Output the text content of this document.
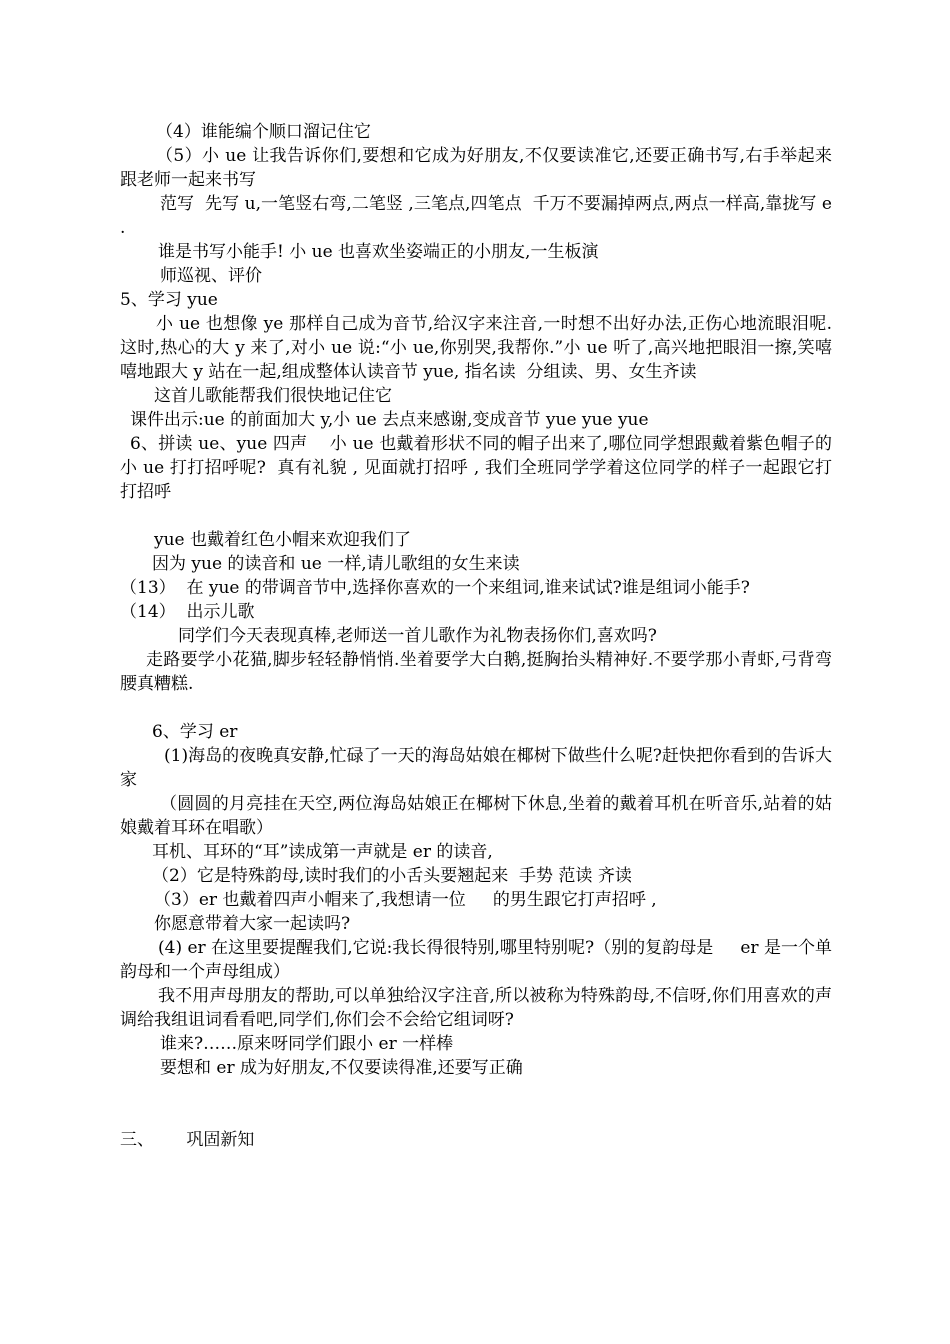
（4）谁能编个顺口溜记住它

（5）小 ue 让我告诉你们,要想和它成为好朋友,不仅要读准它,还要正确书写,右手举起来跟老师一起来书写

范写  先写 u,一笔竖右弯,二笔竖 ,三笔点,四笔点  千万不要漏掉两点,两点一样高,靠拢写 e .

谁是书写小能手! 小 ue 也喜欢坐姿端正的小朋友,一生板演

师巡视、评价

5、学习 yue

小 ue 也想像 ye 那样自己成为音节,给汉字来注音,一时想不出好办法,正伤心地流眼泪呢.这时,热心的大 y 来了,对小 ue 说:“小 ue,你别哭,我帮你.”小 ue 听了,高兴地把眼泪一擦,笑嘻嘻地跟大 y 站在一起,组成整体认读音节 yue, 指名读  分组读、男、女生齐读

这首儿歌能帮我们很快地记住它

课件出示:ue 的前面加大 y,小 ue 去点来感谢,变成音节 yue yue yue

6、拼读 ue、yue 四声    小 ue 也戴着形状不同的帽子出来了,哪位同学想跟戴着紫色帽子的小 ue 打打招呼呢?  真有礼貌 , 见面就打招呼 , 我们全班同学学着这位同学的样子一起跟它打打招呼

yue 也戴着红色小帽来欢迎我们了

因为 yue 的读音和 ue 一样,请儿歌组的女生来读

（13）  在 yue 的带调音节中,选择你喜欢的一个来组词,谁来试试?谁是组词小能手?

（14）  出示儿歌

同学们今天表现真棒,老师送一首儿歌作为礼物表扬你们,喜欢吗?

走路要学小花猫,脚步轻轻静悄悄.坐着要学大白鹅,挺胸抬头精神好.不要学那小青虾,弓背弯腰真糟糕.

6、学习 er

(1)海岛的夜晚真安静,忙碌了一天的海岛姑娘在椰树下做些什么呢?赶快把你看到的告诉大家

（圆圆的月亮挂在天空,两位海岛姑娘正在椰树下休息,坐着的戴着耳机在听音乐,站着的姑娘戴着耳环在唱歌）

耳机、耳环的“耳”读成第一声就是 er 的读音,

（2）它是特殊韵母,读时我们的小舌头要翘起来  手势 范读 齐读

（3）er 也戴着四声小帽来了,我想请一位     的男生跟它打声招呼 ,

你愿意带着大家一起读吗?

(4) er 在这里要提醒我们,它说:我长得很特别,哪里特别呢?（别的复韵母是     er 是一个单韵母和一个声母组成）

我不用声母朋友的帮助,可以单独给汉字注音,所以被称为特殊韵母,不信呀,你们用喜欢的声调给我组诅词看看吧,同学们,你们会不会给它组词呀?

谁来?……原来呀同学们跟小 er 一样棒

要想和 er 成为好朋友,不仅要读得准,还要写正确

三、      巩固新知
